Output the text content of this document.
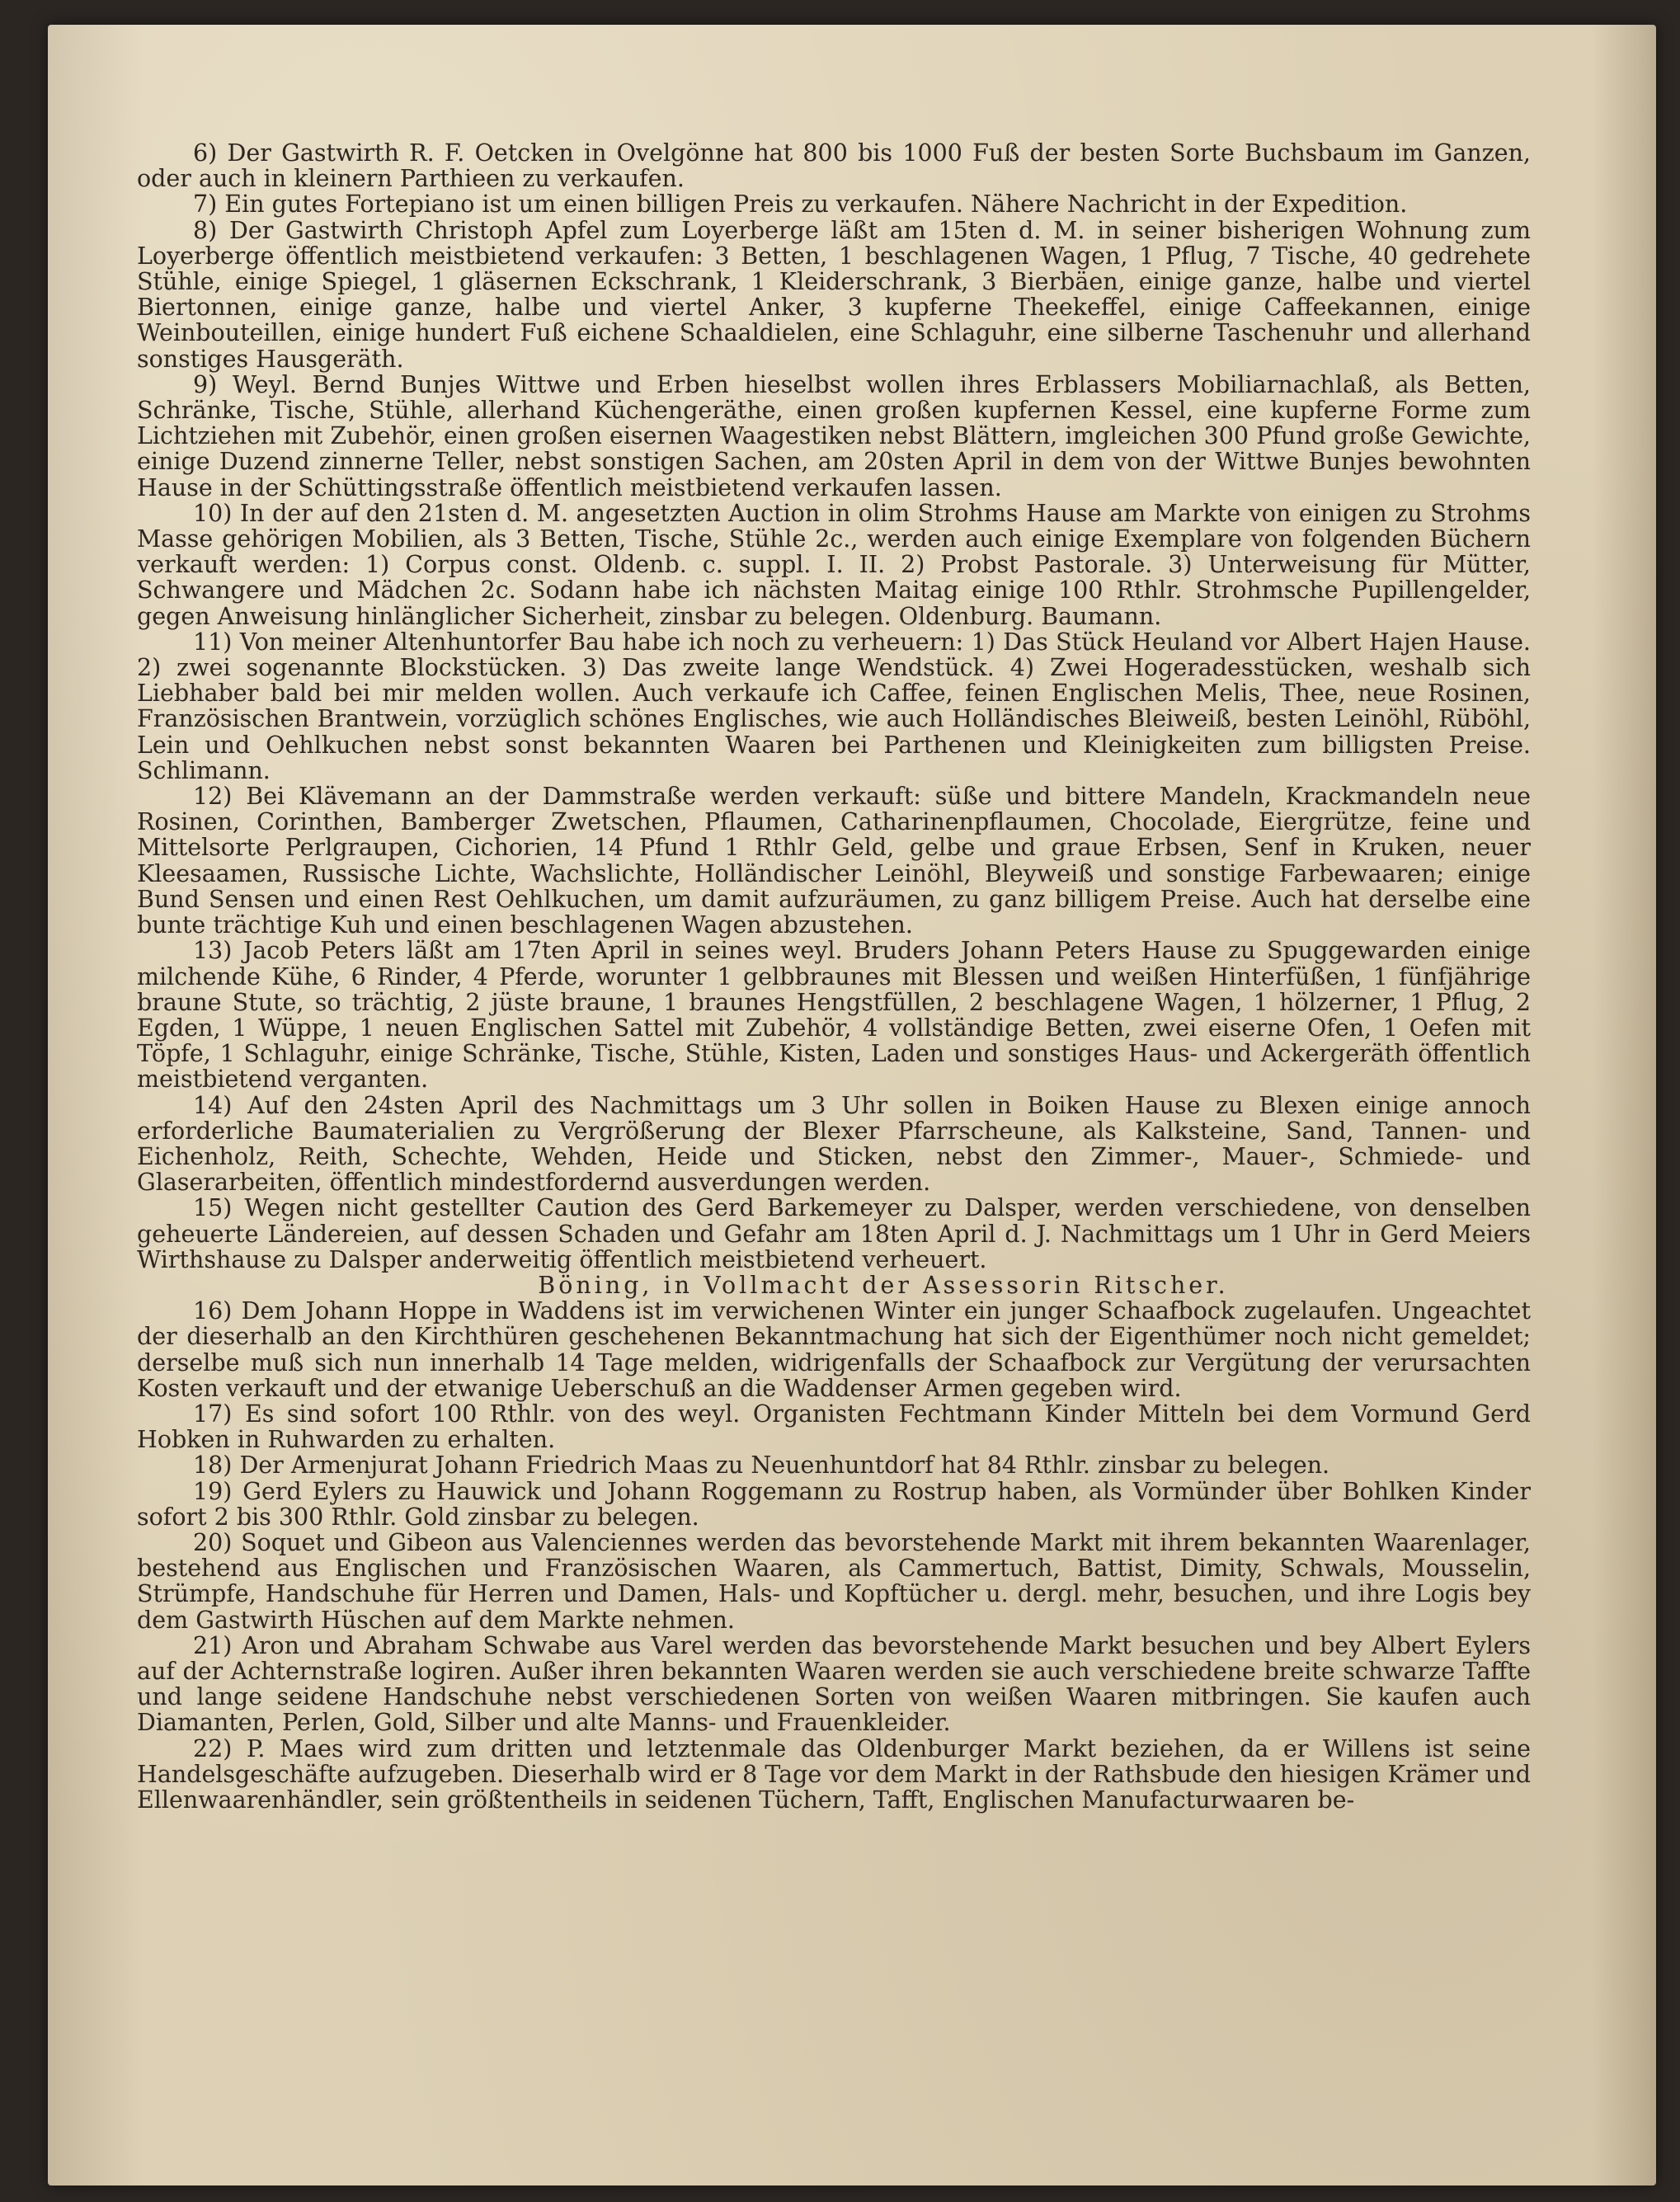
6) Der Gastwirth R. F. Oetcken in Ovelgönne hat 800 bis 1000 Fuß der besten Sorte Buchsbaum im Ganzen, oder auch in kleinern Parthieen zu verkaufen.

7) Ein gutes Fortepiano ist um einen billigen Preis zu verkaufen. Nähere Nachricht in der Expedition.

8) Der Gastwirth Christoph Apfel zum Loyerberge läßt am 15ten d. M. in seiner bisherigen Wohnung zum Loyerberge öffentlich meistbietend verkaufen: 3 Betten, 1 beschlagenen Wagen, 1 Pflug, 7 Tische, 40 gedrehete Stühle, einige Spiegel, 1 gläsernen Eckschrank, 1 Kleiderschrank, 3 Bierbäen, einige ganze, halbe und viertel Biertonnen, einige ganze, halbe und viertel Anker, 3 kupferne Theekeffel, einige Caffeekannen, einige Weinbouteillen, einige hundert Fuß eichene Schaaldielen, eine Schlaguhr, eine silberne Taschenuhr und allerhand sonstiges Hausgeräth.

9) Weyl. Bernd Bunjes Wittwe und Erben hieselbst wollen ihres Erblassers Mobiliarnachlaß, als Betten, Schränke, Tische, Stühle, allerhand Küchengeräthe, einen großen kupfernen Kessel, eine kupferne Forme zum Lichtziehen mit Zubehör, einen großen eisernen Waagestiken nebst Blättern, imgleichen 300 Pfund große Gewichte, einige Duzend zinnerne Teller, nebst sonstigen Sachen, am 20sten April in dem von der Wittwe Bunjes bewohnten Hause in der Schüttingsstraße öffentlich meistbietend verkaufen lassen.

10) In der auf den 21sten d. M. angesetzten Auction in olim Strohms Hause am Markte von einigen zu Strohms Masse gehörigen Mobilien, als 3 Betten, Tische, Stühle 2c., werden auch einige Exemplare von folgenden Büchern verkauft werden: 1) Corpus const. Oldenb. c. suppl. I. II. 2) Probst Pastorale. 3) Unterweisung für Mütter, Schwangere und Mädchen 2c. Sodann habe ich nächsten Maitag einige 100 Rthlr. Strohmsche Pupillengelder, gegen Anweisung hinlänglicher Sicherheit, zinsbar zu belegen. Oldenburg. Baumann.

11) Von meiner Altenhuntorfer Bau habe ich noch zu verheuern: 1) Das Stück Heuland vor Albert Hajen Hause. 2) zwei sogenannte Blockstücken. 3) Das zweite lange Wendstück. 4) Zwei Hogeradesstücken, weshalb sich Liebhaber bald bei mir melden wollen. Auch verkaufe ich Caffee, feinen Englischen Melis, Thee, neue Rosinen, Französischen Brantwein, vorzüglich schönes Englisches, wie auch Holländisches Bleiweiß, besten Leinöhl, Rüböhl, Lein und Oehlkuchen nebst sonst bekannten Waaren bei Parthenen und Kleinigkeiten zum billigsten Preise. Schlimann.

12) Bei Klävemann an der Dammstraße werden verkauft: süße und bittere Mandeln, Krackmandeln neue Rosinen, Corinthen, Bamberger Zwetschen, Pflaumen, Catharinenpflaumen, Chocolade, Eiergrütze, feine und Mittelsorte Perlgraupen, Cichorien, 14 Pfund 1 Rthlr Geld, gelbe und graue Erbsen, Senf in Kruken, neuer Kleesaamen, Russische Lichte, Wachslichte, Holländischer Leinöhl, Bleyweiß und sonstige Farbewaaren; einige Bund Sensen und einen Rest Oehlkuchen, um damit aufzuräumen, zu ganz billigem Preise. Auch hat derselbe eine bunte trächtige Kuh und einen beschlagenen Wagen abzustehen.

13) Jacob Peters läßt am 17ten April in seines weyl. Bruders Johann Peters Hause zu Spuggewarden einige milchende Kühe, 6 Rinder, 4 Pferde, worunter 1 gelbbraunes mit Blessen und weißen Hinterfüßen, 1 fünfjährige braune Stute, so trächtig, 2 jüste braune, 1 braunes Hengstfüllen, 2 beschlagene Wagen, 1 hölzerner, 1 Pflug, 2 Egden, 1 Wüppe, 1 neuen Englischen Sattel mit Zubehör, 4 vollständige Betten, zwei eiserne Ofen, 1 Oefen mit Töpfe, 1 Schlaguhr, einige Schränke, Tische, Stühle, Kisten, Laden und sonstiges Haus- und Ackergeräth öffentlich meistbietend verganten.

14) Auf den 24sten April des Nachmittags um 3 Uhr sollen in Boiken Hause zu Blexen einige annoch erforderliche Baumaterialien zu Vergrößerung der Blexer Pfarrscheune, als Kalksteine, Sand, Tannen- und Eichenholz, Reith, Schechte, Wehden, Heide und Sticken, nebst den Zimmer-, Mauer-, Schmiede- und Glaserarbeiten, öffentlich mindestfordernd ausverdungen werden.

15) Wegen nicht gestellter Caution des Gerd Barkemeyer zu Dalsper, werden verschiedene, von denselben geheuerte Ländereien, auf dessen Schaden und Gefahr am 18ten April d. J. Nachmittags um 1 Uhr in Gerd Meiers Wirthshause zu Dalsper anderweitig öffentlich meistbietend verheuert.

Böning, in Vollmacht der Assessorin Ritscher.

16) Dem Johann Hoppe in Waddens ist im verwichenen Winter ein junger Schaafbock zugelaufen. Ungeachtet der dieserhalb an den Kirchthüren geschehenen Bekanntmachung hat sich der Eigenthümer noch nicht gemeldet; derselbe muß sich nun innerhalb 14 Tage melden, widrigenfalls der Schaafbock zur Vergütung der verursachten Kosten verkauft und der etwanige Ueberschuß an die Waddenser Armen gegeben wird.

17) Es sind sofort 100 Rthlr. von des weyl. Organisten Fechtmann Kinder Mitteln bei dem Vormund Gerd Hobken in Ruhwarden zu erhalten.

18) Der Armenjurat Johann Friedrich Maas zu Neuenhuntdorf hat 84 Rthlr. zinsbar zu belegen.

19) Gerd Eylers zu Hauwick und Johann Roggemann zu Rostrup haben, als Vormünder über Bohlken Kinder sofort 2 bis 300 Rthlr. Gold zinsbar zu belegen.

20) Soquet und Gibeon aus Valenciennes werden das bevorstehende Markt mit ihrem bekannten Waarenlager, bestehend aus Englischen und Französischen Waaren, als Cammertuch, Battist, Dimity, Schwals, Mousselin, Strümpfe, Handschuhe für Herren und Damen, Hals- und Kopftücher u. dergl. mehr, besuchen, und ihre Logis bey dem Gastwirth Hüschen auf dem Markte nehmen.

21) Aron und Abraham Schwabe aus Varel werden das bevorstehende Markt besuchen und bey Albert Eylers auf der Achternstraße logiren. Außer ihren bekannten Waaren werden sie auch verschiedene breite schwarze Taffte und lange seidene Handschuhe nebst verschiedenen Sorten von weißen Waaren mitbringen. Sie kaufen auch Diamanten, Perlen, Gold, Silber und alte Manns- und Frauenkleider.

22) P. Maes wird zum dritten und letztenmale das Oldenburger Markt beziehen, da er Willens ist seine Handelsgeschäfte aufzugeben. Dieserhalb wird er 8 Tage vor dem Markt in der Rathsbude den hiesigen Krämer und Ellenwaarenhändler, sein größtentheils in seidenen Tüchern, Tafft, Englischen Manufacturwaaren be-
